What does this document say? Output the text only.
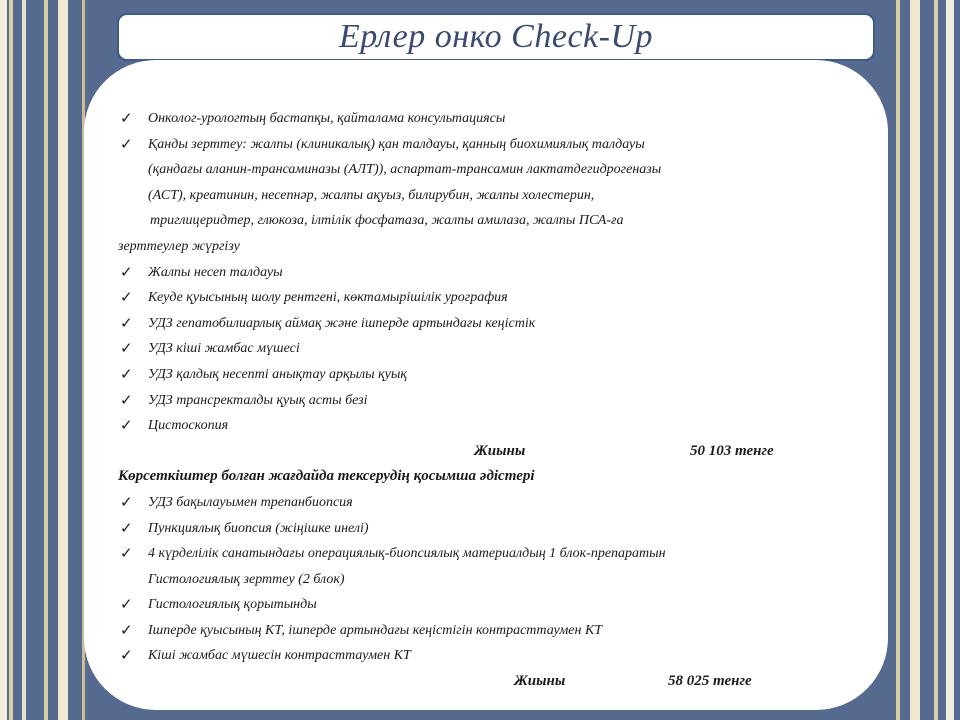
Ерлер онко Check-Up
✓ Онколог-урологтың бастапқы, қайталама консультациясы
✓ Қанды зерттеу: жалпы (клиникалық) қан талдауы, қанның биохимиялық талдауы
(қандағы аланин-трансаминазы (АЛТ)), аспартат-трансамин лактатдегидрогеназы
(АСТ), креатинин, несепнәр, жалпы ақуыз, билирубин, жалпы холестерин,
триглицеридтер, глюкоза, ілтілік фосфатаза, жалпы амилаза, жалпы ПСА-ға
зерттеулер жүргізу
✓ Жалпы несеп талдауы
✓ Кеуде қуысының шолу рентгені, көктамырішілік урография
✓ УДЗ гепатобилиарлық аймақ және ішперде артындағы кеңістік
✓ УДЗ кіші жамбас мүшесі
✓ УДЗ қалдық несепті анықтау арқылы қуық
✓ УДЗ трансректалды қуық асты безі
✓ Цистоскопия
Жиыны	50 103 тенге
Көрсеткіштер болған жағдайда тексерудің қосымша әдістері
✓ УДЗ бақылауымен трепанбиопсия
✓ Пункциялық биопсия (жіңішке инелі)
✓ 4 күрделілік санатындағы операциялық-биопсиялық материалдың 1 блок-препаратын
Гистологиялық зерттеу (2 блок)
✓ Гистологиялық қорытынды
✓ Ішперде қуысының КТ, ішперде артындағы кеңістігін контрасттаумен КТ
✓ Кіші жамбас мүшесін контрасттаумен КТ
Жиыны	58 025 тенге
